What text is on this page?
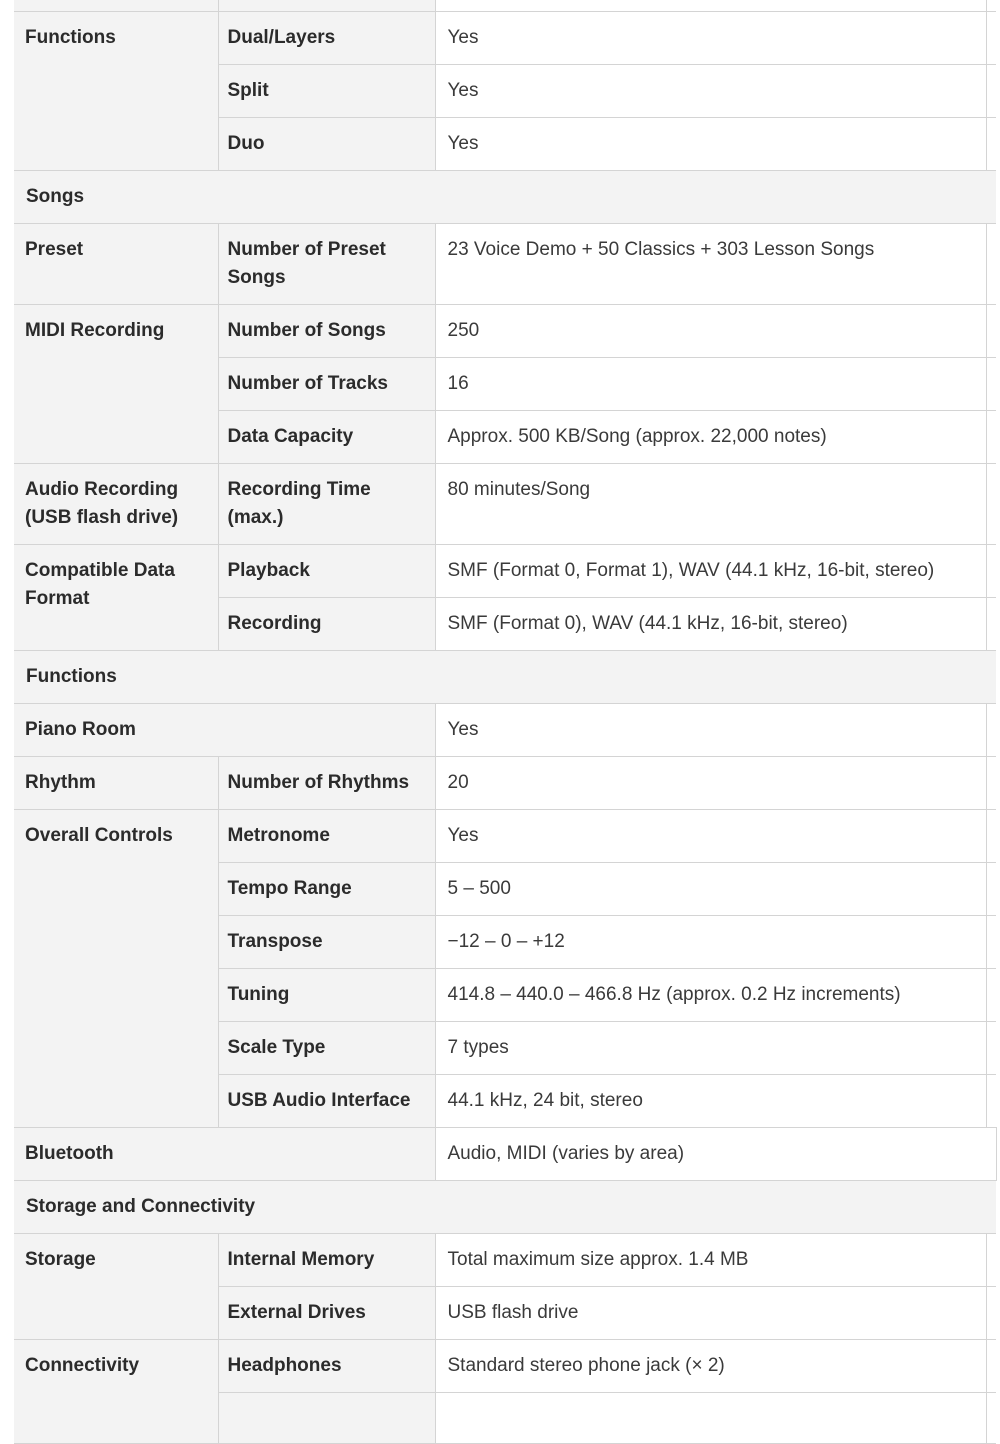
Functions	Dual/Layers	Yes	
	Split	Yes	
	Duo	Yes	
Songs			
Preset	Number of Preset Songs	23 Voice Demo + 50 Classics + 303 Lesson Songs	
MIDI Recording	Number of Songs	250	
	Number of Tracks	16	
	Data Capacity	Approx. 500 KB/Song (approx. 22,000 notes)	
Audio Recording (USB flash drive)	Recording Time (max.)	80 minutes/Song	
Compatible Data Format	Playback	SMF (Format 0, Format 1), WAV (44.1 kHz, 16-bit, stereo)	
	Recording	SMF (Format 0), WAV (44.1 kHz, 16-bit, stereo)	
Functions			
Piano Room		Yes	
Rhythm	Number of Rhythms	20	
Overall Controls	Metronome	Yes	
	Tempo Range	5 – 500	
	Transpose	−12 – 0 – +12	
	Tuning	414.8 – 440.0 – 466.8 Hz (approx. 0.2 Hz increments)	
	Scale Type	7 types	
	USB Audio Interface	44.1 kHz, 24 bit, stereo	
Bluetooth		Audio, MIDI (varies by area)	
Storage and Connectivity			
Storage	Internal Memory	Total maximum size approx. 1.4 MB	
	External Drives	USB flash drive	
Connectivity	Headphones	Standard stereo phone jack (× 2)	
